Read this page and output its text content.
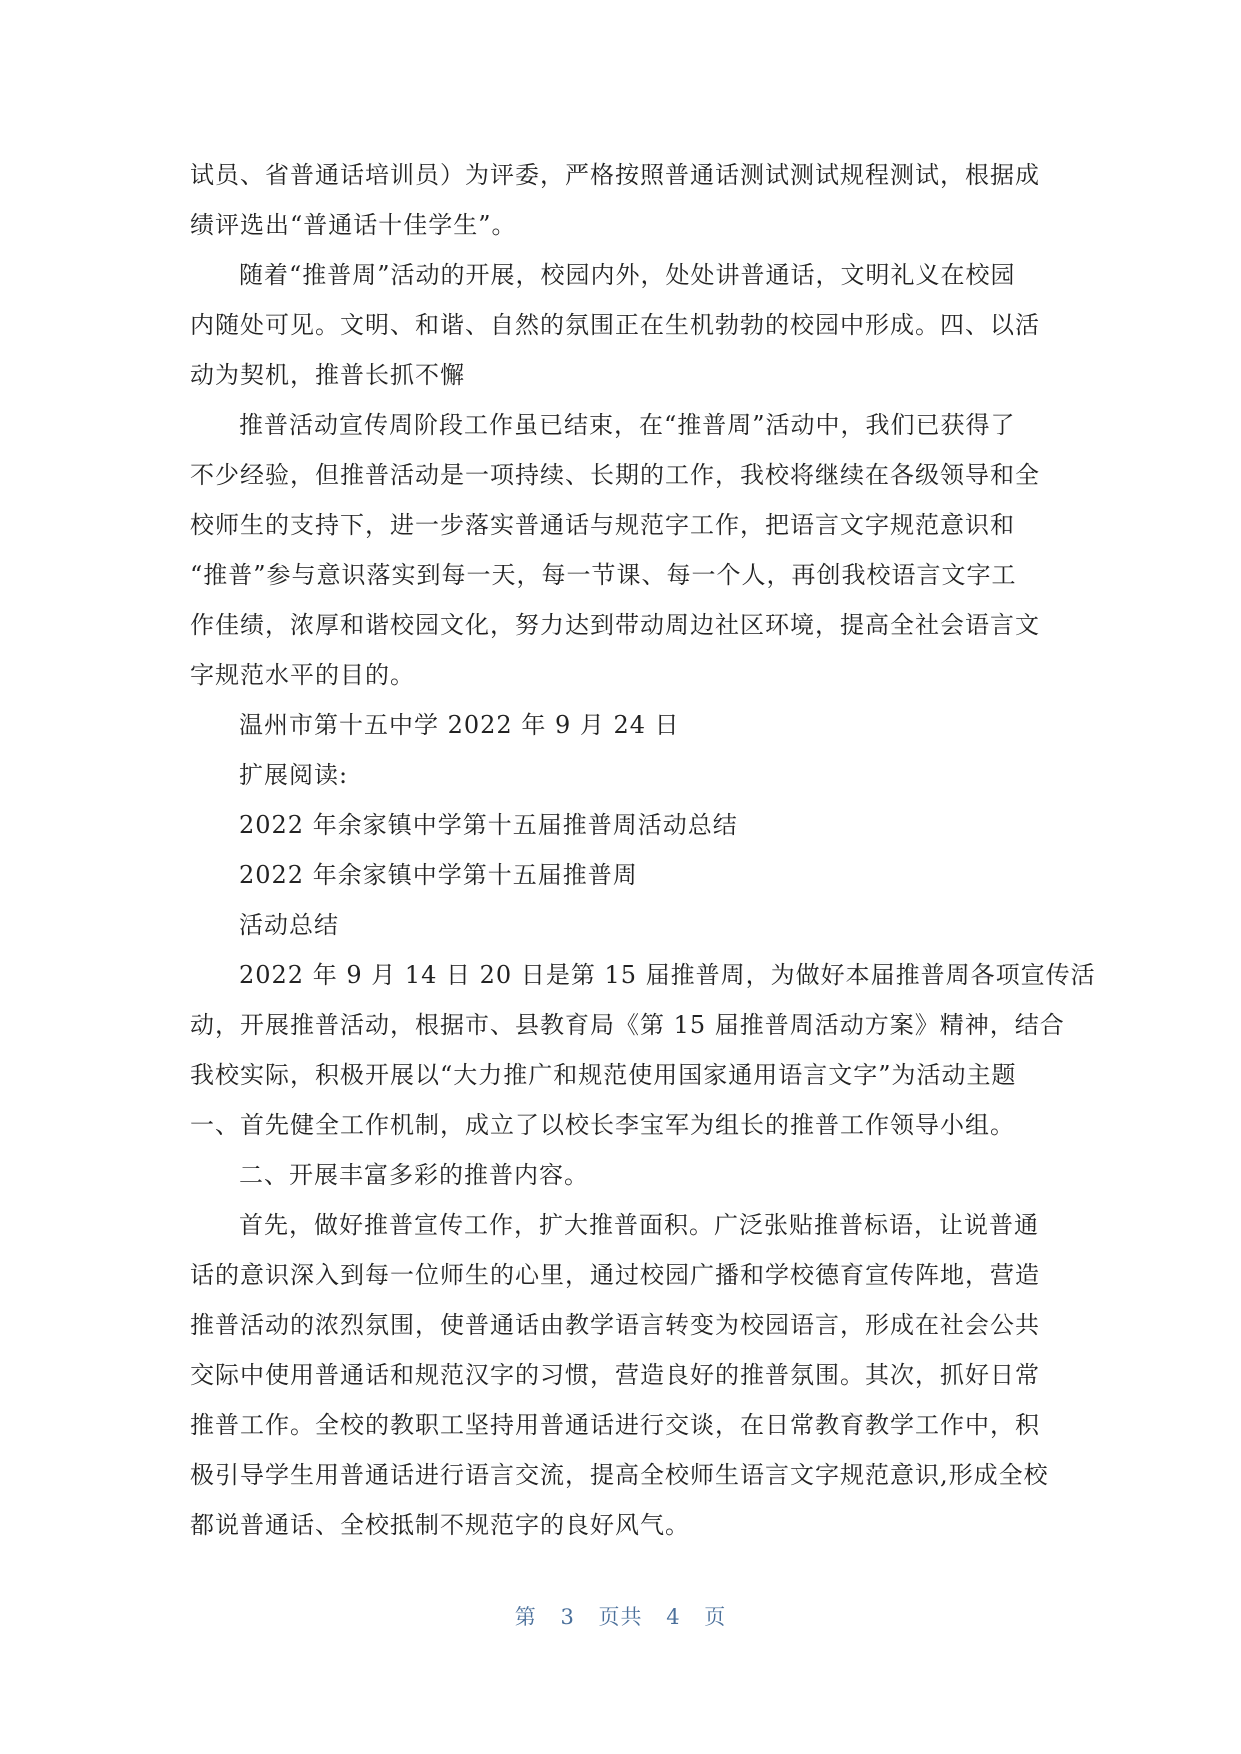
试员、省普通话培训员）为评委，严格按照普通话测试测试规程测试，根据成
绩评选出“普通话十佳学生”。
随着“推普周”活动的开展，校园内外，处处讲普通话，文明礼义在校园
内随处可见。文明、和谐、自然的氛围正在生机勃勃的校园中形成。四、以活
动为契机，推普长抓不懈
推普活动宣传周阶段工作虽已结束，在“推普周”活动中，我们已获得了
不少经验，但推普活动是一项持续、长期的工作，我校将继续在各级领导和全
校师生的支持下，进一步落实普通话与规范字工作，把语言文字规范意识和
“推普”参与意识落实到每一天，每一节课、每一个人，再创我校语言文字工
作佳绩，浓厚和谐校园文化，努力达到带动周边社区环境，提高全社会语言文
字规范水平的目的。
温州市第十五中学 2022 年 9 月 24 日
扩展阅读:
2022 年余家镇中学第十五届推普周活动总结
2022 年余家镇中学第十五届推普周
活动总结
2022 年 9 月 14 日 20 日是第 15 届推普周，为做好本届推普周各项宣传活
动，开展推普活动，根据市、县教育局《第 15 届推普周活动方案》精神，结合
我校实际，积极开展以“大力推广和规范使用国家通用语言文字”为活动主题
一、首先健全工作机制，成立了以校长李宝军为组长的推普工作领导小组。
二、开展丰富多彩的推普内容。
首先，做好推普宣传工作，扩大推普面积。广泛张贴推普标语，让说普通
话的意识深入到每一位师生的心里，通过校园广播和学校德育宣传阵地，营造
推普活动的浓烈氛围，使普通话由教学语言转变为校园语言，形成在社会公共
交际中使用普通话和规范汉字的习惯，营造良好的推普氛围。其次，抓好日常
推普工作。全校的教职工坚持用普通话进行交谈，在日常教育教学工作中，积
极引导学生用普通话进行语言交流，提高全校师生语言文字规范意识,形成全校
都说普通话、全校抵制不规范字的良好风气。
第 3 页共 4 页
